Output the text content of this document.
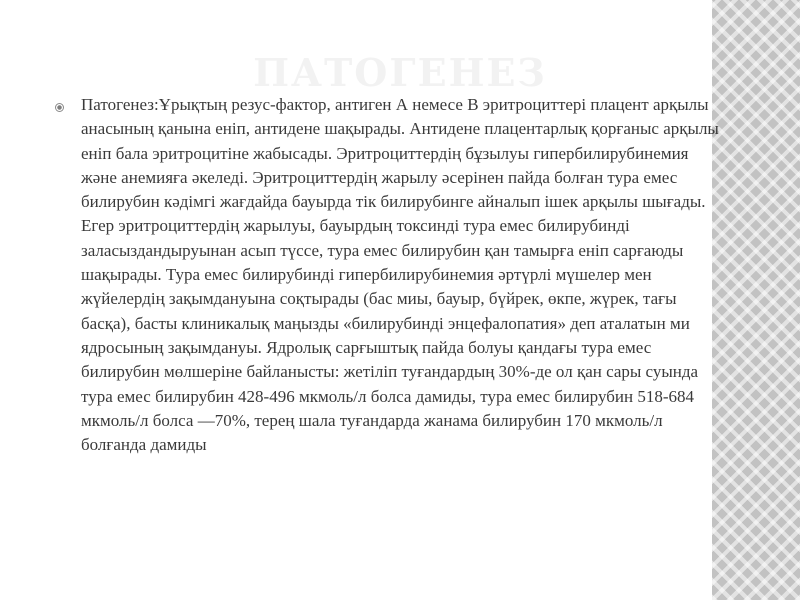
ПАТОГЕНЕЗ

Патогенез:Ұрықтың резус-фактор, антиген А немесе В эритроциттері плацент арқылы анасының қанына еніп, антидене шақырады. Антидене плацентарлық қорғаныс арқылы еніп бала эритроцитіне жабысады. Эритроциттердің бұзылуы гипербилирубинемия және анемияға әкеледі. Эритроциттердің жарылу әсерінен пайда болған тура емес билирубин кәдімгі жағдайда бауырда тік билирубинге айналып ішек арқылы шығады. Егер эритроциттердің жарылуы, бауырдың токсинді тура емес билирубинді заласыздандыруынан асып түссе, тура емес билирубин қан тамырға еніп сарғаюды шақырады. Тура емес билирубинді гипербилирубинемия әртүрлі мүшелер мен жүйелердің зақымдануына соқтырады (бас миы, бауыр, бүйрек, өкпе, жүрек, тағы басқа), басты клиникалық маңызды «билирубинді энцефалопатия» деп аталатын ми ядросының зақымдануы. Ядролық сарғыштық пайда болуы қандағы тура емес билирубин мөлшеріне байланысты: жетіліп туғандардың 30%-де ол қан сары суында тура емес билирубин 428-496 мкмоль/л болса дамиды, тура емес билирубин 518-684 мкмоль/л болса —70%, терең шала туғандарда жанама билирубин 170 мкмоль/л болғанда дамиды
